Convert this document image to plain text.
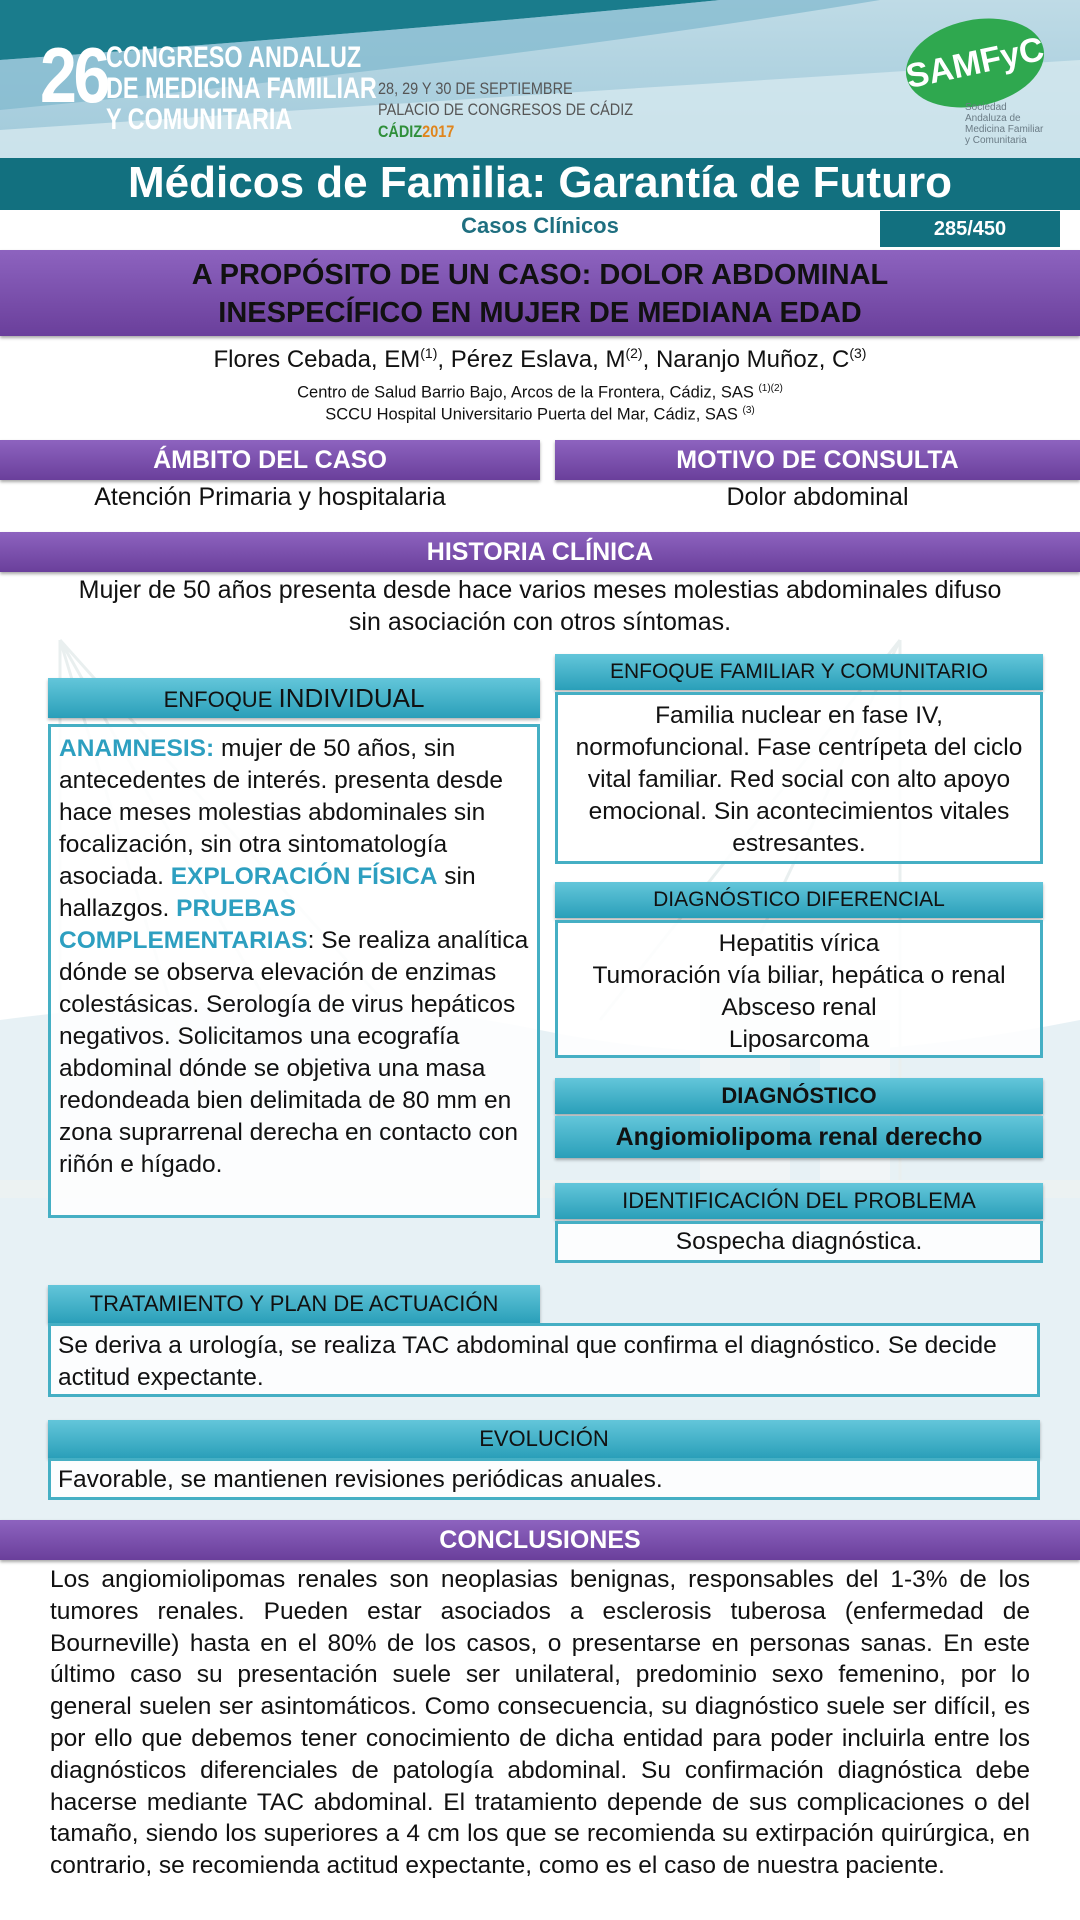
26 CONGRESO ANDALUZ
DE MEDICINA FAMILIAR
Y COMUNITARIA
28, 29 Y 30 DE SEPTIEMBRE
PALACIO DE CONGRESOS DE CÁDIZ
CÁDIZ2017
SAMFyC
Sociedad Andaluza de Medicina Familiar y Comunitaria
Médicos de Familia: Garantía de Futuro
Casos Clínicos	285/450
A PROPÓSITO DE UN CASO: DOLOR ABDOMINAL
INESPECÍFICO EN MUJER DE MEDIANA EDAD
Flores Cebada, EM$^{(1)}$, Pérez Eslava, $M^{(2)}$, Naranjo Muñoz, $C^{(3)}$
Centro de Salud Barrio Bajo, Arcos de la Frontera, Cádiz, SAS $^{(1)(2)}$
SCCU Hospital Universitario Puerta del Mar, Cádiz, SAS $^{(3)}$
ÁMBITO DEL CASO	MOTIVO DE CONSULTA
Atención Primaria y hospitalaria	Dolor abdominal
HISTORIA CLÍNICA
Mujer de 50 años presenta desde hace varios meses molestias abdominales difuso
sin asociación con otros síntomas.
ENFOQUE INDIVIDUAL
ANAMNESIS: mujer de 50 años, sin antecedentes de interés. presenta desde hace meses molestias abdominales sin focalización, sin otra sintomatología asociada. EXPLORACIÓN FÍSICA sin hallazgos. PRUEBAS COMPLEMENTARIAS: Se realiza analítica dónde se observa elevación de enzimas colestásicas. Serología de virus hepáticos negativos. Solicitamos una ecografía abdominal dónde se objetiva una masa redondeada bien delimitada de 80 mm en zona suprarrenal derecha en contacto con riñón e hígado.
ENFOQUE FAMILIAR Y COMUNITARIO
Familia nuclear en fase IV, normofuncional. Fase centrípeta del ciclo vital familiar. Red social con alto apoyo emocional. Sin acontecimientos vitales estresantes.
DIAGNÓSTICO DIFERENCIAL
Hepatitis vírica
Tumoración vía biliar, hepática o renal
Absceso renal
Liposarcoma
DIAGNÓSTICO
Angiomiolipoma renal derecho
IDENTIFICACIÓN DEL PROBLEMA
Sospecha diagnóstica.
TRATAMIENTO Y PLAN DE ACTUACIÓN
Se deriva a urología, se realiza TAC abdominal que confirma el diagnóstico. Se decide actitud expectante.
EVOLUCIÓN
Favorable, se mantienen revisiones periódicas anuales.
CONCLUSIONES
Los angiomiolipomas renales son neoplasias benignas, responsables del 1-3% de los tumores renales. Pueden estar asociados a esclerosis tuberosa (enfermedad de Bourneville) hasta en el 80% de los casos, o presentarse en personas sanas. En este último caso su presentación suele ser unilateral, predominio sexo femenino, por lo general suelen ser asintomáticos. Como consecuencia, su diagnóstico suele ser difícil, es por ello que debemos tener conocimiento de dicha entidad para poder incluirla entre los diagnósticos diferenciales de patología abdominal. Su confirmación diagnóstica debe hacerse mediante TAC abdominal. El tratamiento depende de sus complicaciones o del tamaño, siendo los superiores a 4 cm los que se recomienda su extirpación quirúrgica, en contrario, se recomienda actitud expectante, como es el caso de nuestra paciente.
